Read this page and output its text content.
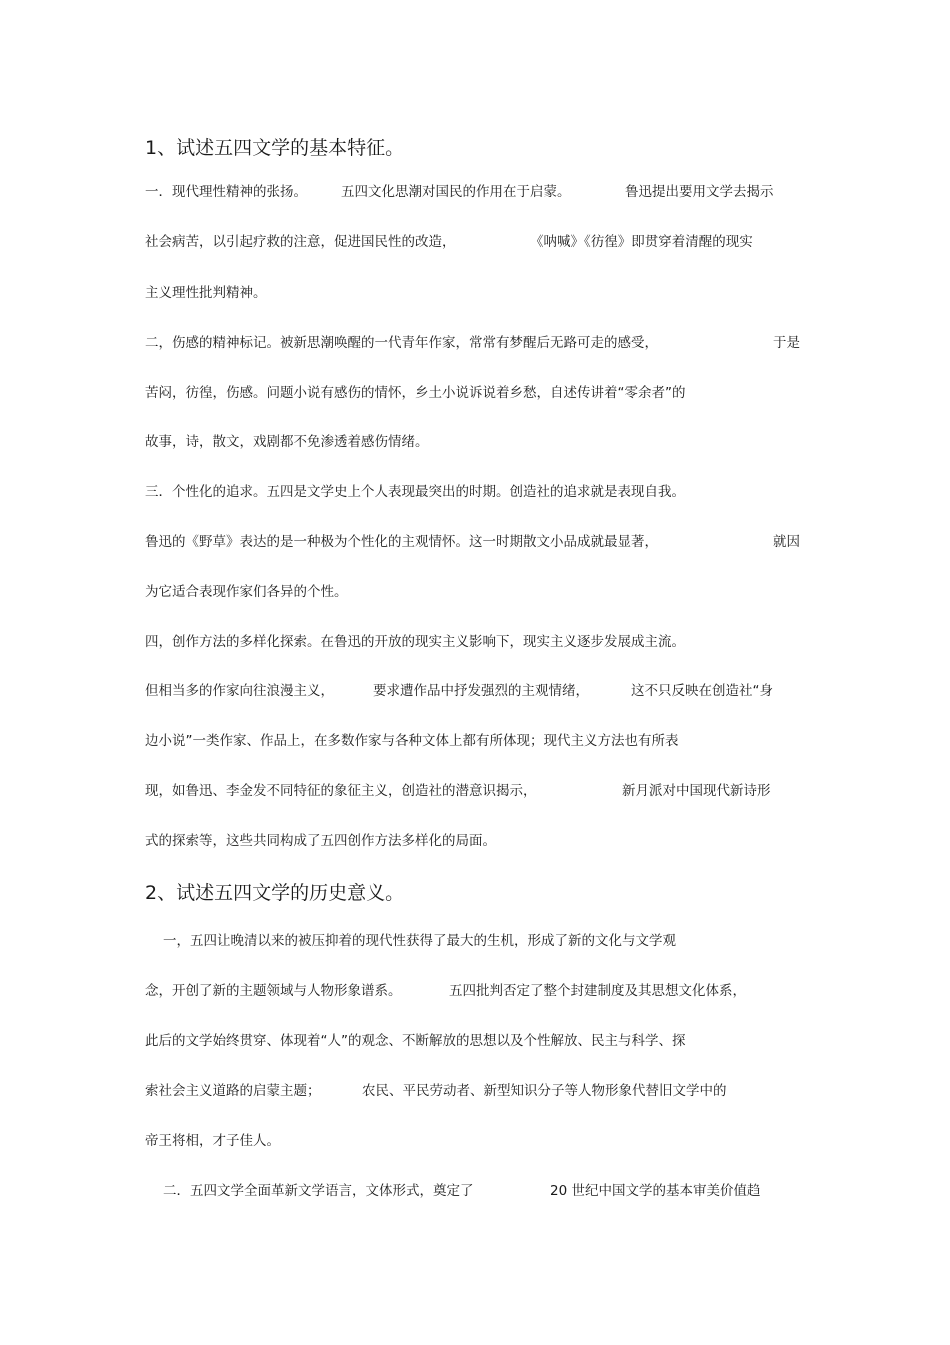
1、试述五四文学的基本特征。
一．现代理性精神的张扬。	五四文化思潮对国民的作用在于启蒙。	鲁迅提出要用文学去揭示
社会病苦，以引起疗救的注意，促进国民性的改造，	《呐喊》《彷徨》即贯穿着清醒的现实
主义理性批判精神。
二，伤感的精神标记。被新思潮唤醒的一代青年作家，常常有梦醒后无路可走的感受，	于是
苦闷，彷徨，伤感。问题小说有感伤的情怀，乡土小说诉说着乡愁，自述传讲着“零余者”的
故事，诗，散文，戏剧都不免渗透着感伤情绪。
三．个性化的追求。五四是文学史上个人表现最突出的时期。创造社的追求就是表现自我。
鲁迅的《野草》表达的是一种极为个性化的主观情怀。这一时期散文小品成就最显著，	就因
为它适合表现作家们各异的个性。
四，创作方法的多样化探索。在鲁迅的开放的现实主义影响下，现实主义逐步发展成主流。
但相当多的作家向往浪漫主义，	要求遭作品中抒发强烈的主观情绪，	这不只反映在创造社“身
边小说”一类作家、作品上，在多数作家与各种文体上都有所体现；现代主义方法也有所表
现，如鲁迅、李金发不同特征的象征主义，创造社的潜意识揭示，	新月派对中国现代新诗形
式的探索等，这些共同构成了五四创作方法多样化的局面。
2、试述五四文学的历史意义。
一，五四让晚清以来的被压抑着的现代性获得了最大的生机，形成了新的文化与文学观
念，开创了新的主题领域与人物形象谱系。	五四批判否定了整个封建制度及其思想文化体系，
此后的文学始终贯穿、体现着“人”的观念、不断解放的思想以及个性解放、民主与科学、探
索社会主义道路的启蒙主题；	农民、平民劳动者、新型知识分子等人物形象代替旧文学中的
帝王将相，才子佳人。
二．五四文学全面革新文学语言，文体形式，奠定了	20 世纪中国文学的基本审美价值趋
